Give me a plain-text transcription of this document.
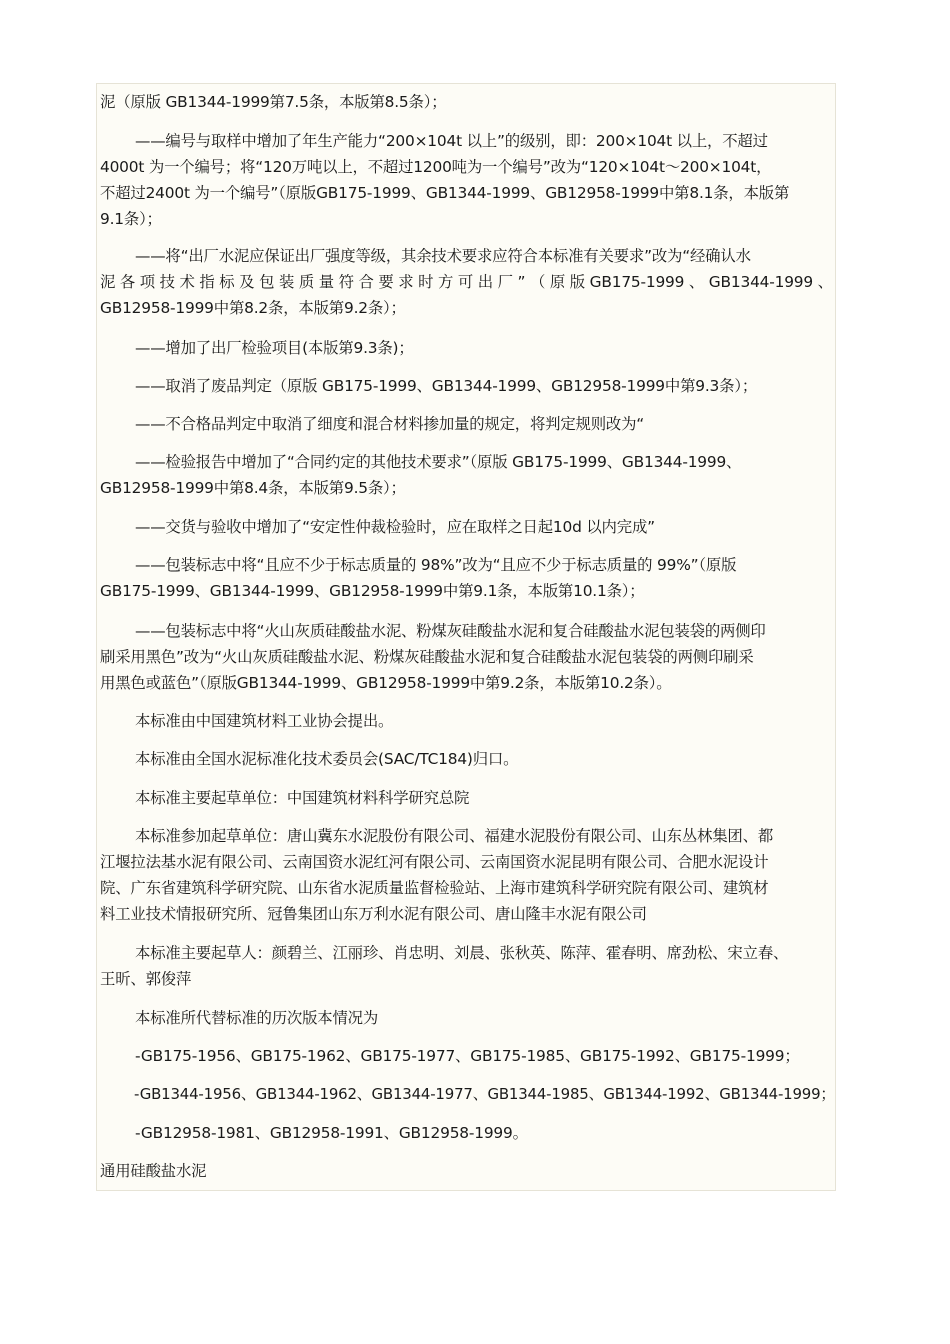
泥（原版 GB1344-1999第7.5条，本版第8.5条）；
——编号与取样中增加了年生产能力“200×104t 以上”的级别，即：200×104t 以上，不超过
4000t 为一个编号；将“120万吨以上，不超过1200吨为一个编号”改为“120×104t～200×104t，
不超过2400t 为一个编号”（原版GB175-1999、GB1344-1999、GB12958-1999中第8.1条，本版第
9.1条）；
——将“出厂水泥应保证出厂强度等级，其余技术要求应符合本标准有关要求”改为“经确认水
泥 各 项 技 术 指 标 及 包 装 质 量 符 合 要 求 时 方 可 出 厂 ” （ 原 版 GB175-1999 、 GB1344-1999 、
GB12958-1999中第8.2条，本版第9.2条）；
——增加了出厂检验项目(本版第9.3条)；
——取消了废品判定（原版 GB175-1999、GB1344-1999、GB12958-1999中第9.3条）；
——不合格品判定中取消了细度和混合材料掺加量的规定，将判定规则改为“
——检验报告中增加了“合同约定的其他技术要求”（原版 GB175-1999、GB1344-1999、
GB12958-1999中第8.4条，本版第9.5条）；
——交货与验收中增加了“安定性仲裁检验时，应在取样之日起10d 以内完成”
——包装标志中将“且应不少于标志质量的 98%”改为“且应不少于标志质量的 99%”（原版
GB175-1999、GB1344-1999、GB12958-1999中第9.1条，本版第10.1条）；
——包装标志中将“火山灰质硅酸盐水泥、粉煤灰硅酸盐水泥和复合硅酸盐水泥包装袋的两侧印
刷采用黑色”改为“火山灰质硅酸盐水泥、粉煤灰硅酸盐水泥和复合硅酸盐水泥包装袋的两侧印刷采
用黑色或蓝色”（原版GB1344-1999、GB12958-1999中第9.2条，本版第10.2条）。
本标准由中国建筑材料工业协会提出。
本标准由全国水泥标准化技术委员会(SAC/TC184)归口。
本标准主要起草单位：中国建筑材料科学研究总院
本标准参加起草单位：唐山冀东水泥股份有限公司、福建水泥股份有限公司、山东丛林集团、都
江堰拉法基水泥有限公司、云南国资水泥红河有限公司、云南国资水泥昆明有限公司、合肥水泥设计
院、广东省建筑科学研究院、山东省水泥质量监督检验站、上海市建筑科学研究院有限公司、建筑材
料工业技术情报研究所、冠鲁集团山东万利水泥有限公司、唐山隆丰水泥有限公司
本标准主要起草人：颜碧兰、江丽珍、肖忠明、刘晨、张秋英、陈萍、霍春明、席劲松、宋立春、
王昕、郭俊萍
本标准所代替标准的历次版本情况为
-GB175-1956、GB175-1962、GB175-1977、GB175-1985、GB175-1992、GB175-1999；
-GB1344-1956、GB1344-1962、GB1344-1977、GB1344-1985、GB1344-1992、GB1344-1999；
-GB12958-1981、GB12958-1991、GB12958-1999。
通用硅酸盐水泥
